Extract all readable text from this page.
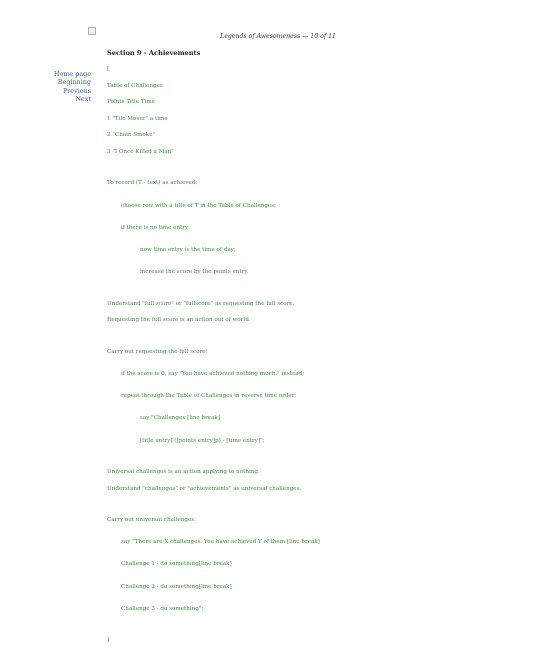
Legends of Awesomeness — 10 of 11
Section 9 - Achievements
Home page
Beginning
Previous
Next
[
Table of Challenges
Points Title Time
1 "Tile Mover" a time
2 "Chain Smoke"
3 "I Once Killed a Man"

To record (T - text) as achieved:

choose row with a title of T in the Table of Challenges;

if there is no time entry:

now time entry is the time of day;

increase the score by the points entry.

Understand "full score" or "fullscore" as requesting the full score.
Requesting the full score is an action out of world.

Carry out requesting the full score:

if the score is 0, say "You have achieved nothing much." instead;

repeat through the Table of Challenges in reverse time order:

say "Challenges:[line break]

[title entry] ([points entry]p) - [time entry]";

Universal challenges is an action applying to nothing.
Understand "challenges" or "achievements" as universal challenges.

Carry out universal challenges:

say "There are X challenges. You have achieved Y of them.[line break]

Challenge 1 - do something[line break]

Challenge 2 - do something[line break]

Challenge 3 - do something";

]
